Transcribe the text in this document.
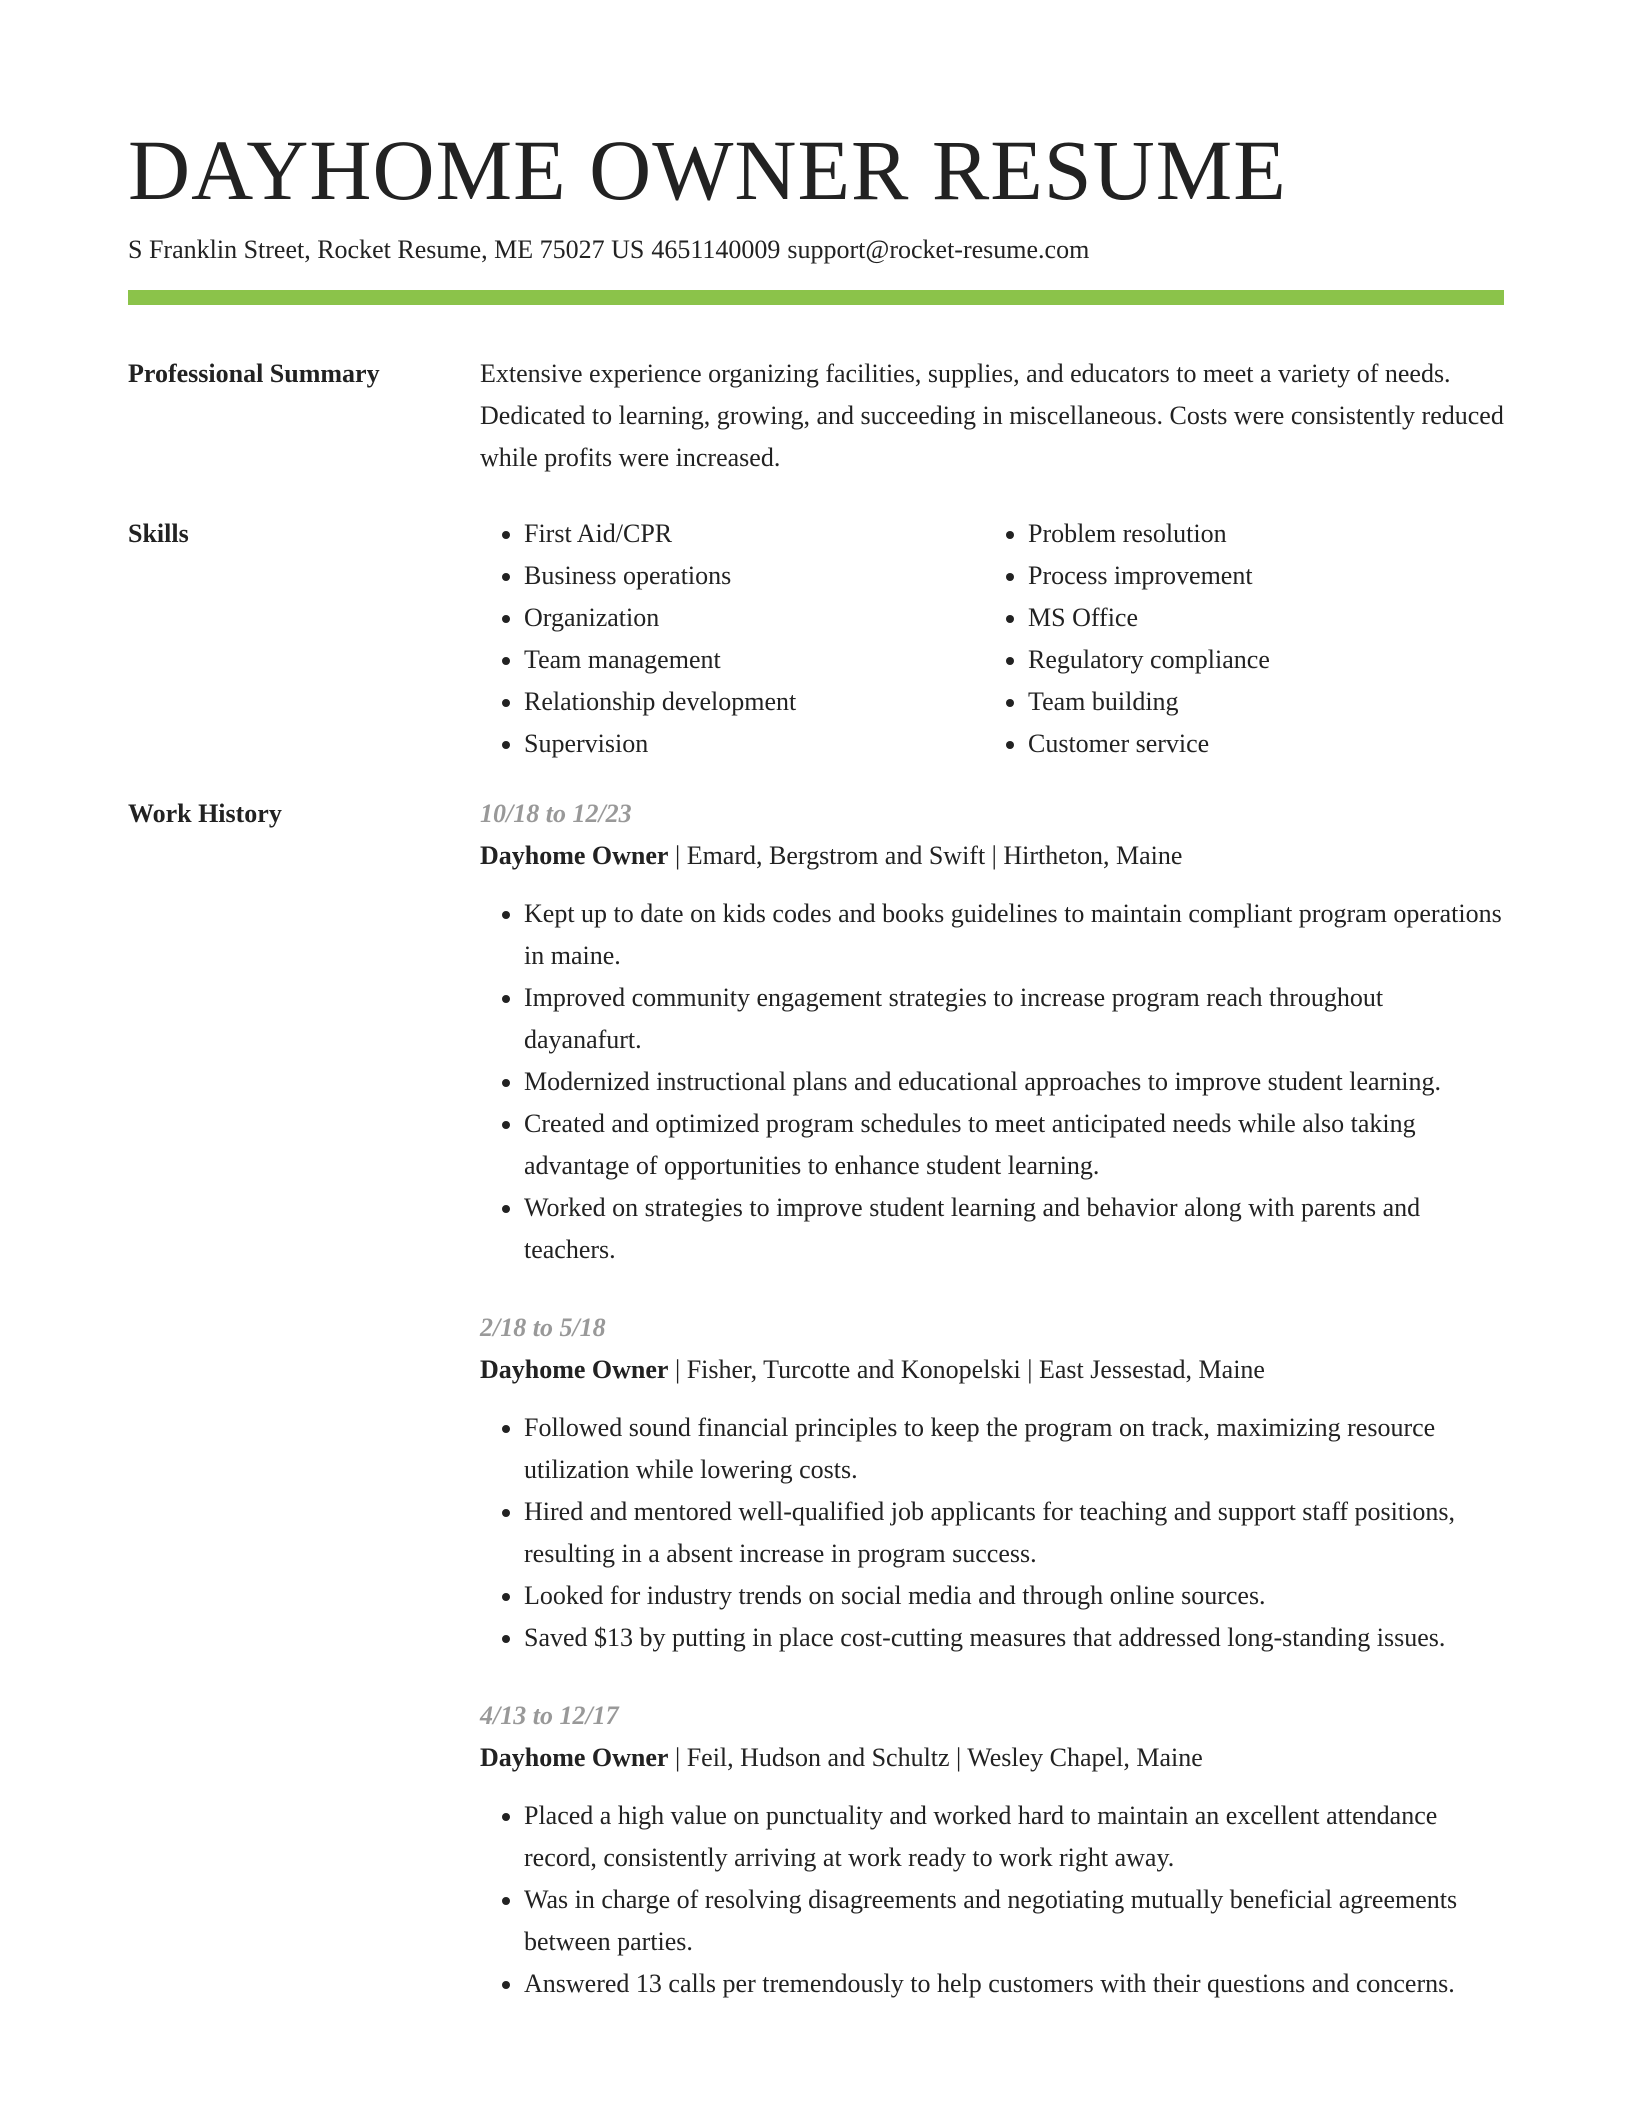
DAYHOME OWNER RESUME
S Franklin Street, Rocket Resume, ME 75027 US 4651140009 support@rocket-resume.com
Professional Summary	Extensive experience organizing facilities, supplies, and educators to meet a variety of needs. Dedicated to learning, growing, and succeeding in miscellaneous. Costs were consistently reduced while profits were increased.

Skills
•	First Aid/CPR
• Business operations
• Organization
• Team management
• Relationship development
• Supervision
• Problem resolution
• Process improvement
• MS Office
• Regulatory compliance
• Team building
• Customer service
Work History	10/18 to 12/23
Dayhome Owner | Emard, Bergstrom and Swift | Hirtheton, Maine
• Kept up to date on kids codes and books guidelines to maintain compliant program operations in maine.
• Improved community engagement strategies to increase program reach throughout dayanafurt.
• Modernized instructional plans and educational approaches to improve student learning.
• Created and optimized program schedules to meet anticipated needs while also taking advantage of opportunities to enhance student learning.
• Worked on strategies to improve student learning and behavior along with parents and teachers.
2/18 to 5/18
Dayhome Owner | Fisher, Turcotte and Konopelski | East Jessestad, Maine
• Followed sound financial principles to keep the program on track, maximizing resource utilization while lowering costs.
• Hired and mentored well-qualified job applicants for teaching and support staff positions, resulting in a absent increase in program success.
• Looked for industry trends on social media and through online sources.
• Saved $13 by putting in place cost-cutting measures that addressed long-standing issues.
4/13 to 12/17
Dayhome Owner | Feil, Hudson and Schultz | Wesley Chapel, Maine
• Placed a high value on punctuality and worked hard to maintain an excellent attendance record, consistently arriving at work ready to work right away.
• Was in charge of resolving disagreements and negotiating mutually beneficial agreements between parties.
• Answered 13 calls per tremendously to help customers with their questions and concerns.
